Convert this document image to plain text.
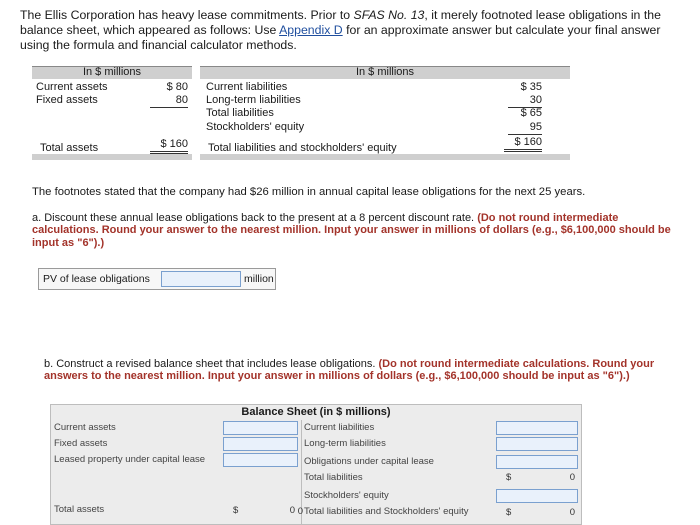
The Ellis Corporation has heavy lease commitments. Prior to SFAS No. 13, it merely footnoted lease obligations in the balance sheet, which appeared as follows: Use Appendix D for an approximate answer but calculate your final answer using the formula and financial calculator methods.
In $ millions	In $ millions
Current assets	$ 80
Fixed assets	80
Total assets	$ 160
Current liabilities	$ 35
Long-term liabilities	30
Total liabilities	$ 65
Stockholders' equity	95
Total liabilities and stockholders' equity	$ 160
The footnotes stated that the company had $26 million in annual capital lease obligations for the next 25 years.
a. Discount these annual lease obligations back to the present at a 8 percent discount rate. (Do not round intermediate calculations. Round your answer to the nearest million. Input your answer in millions of dollars (e.g., $6,100,000 should be input as "6").)
PV of lease obligations	million
b. Construct a revised balance sheet that includes lease obligations. (Do not round intermediate calculations. Round your answers to the nearest million. Input your answer in millions of dollars (e.g., $6,100,000 should be input as "6").)
Balance Sheet (in $ millions)
Current assets
Fixed assets
Leased property under capital lease
Total assets	$	0
Current liabilities
Long-term liabilities
Obligations under capital lease
Total liabilities	$	0
Stockholders' equity
0 Total liabilities and Stockholders' equity	$	0
